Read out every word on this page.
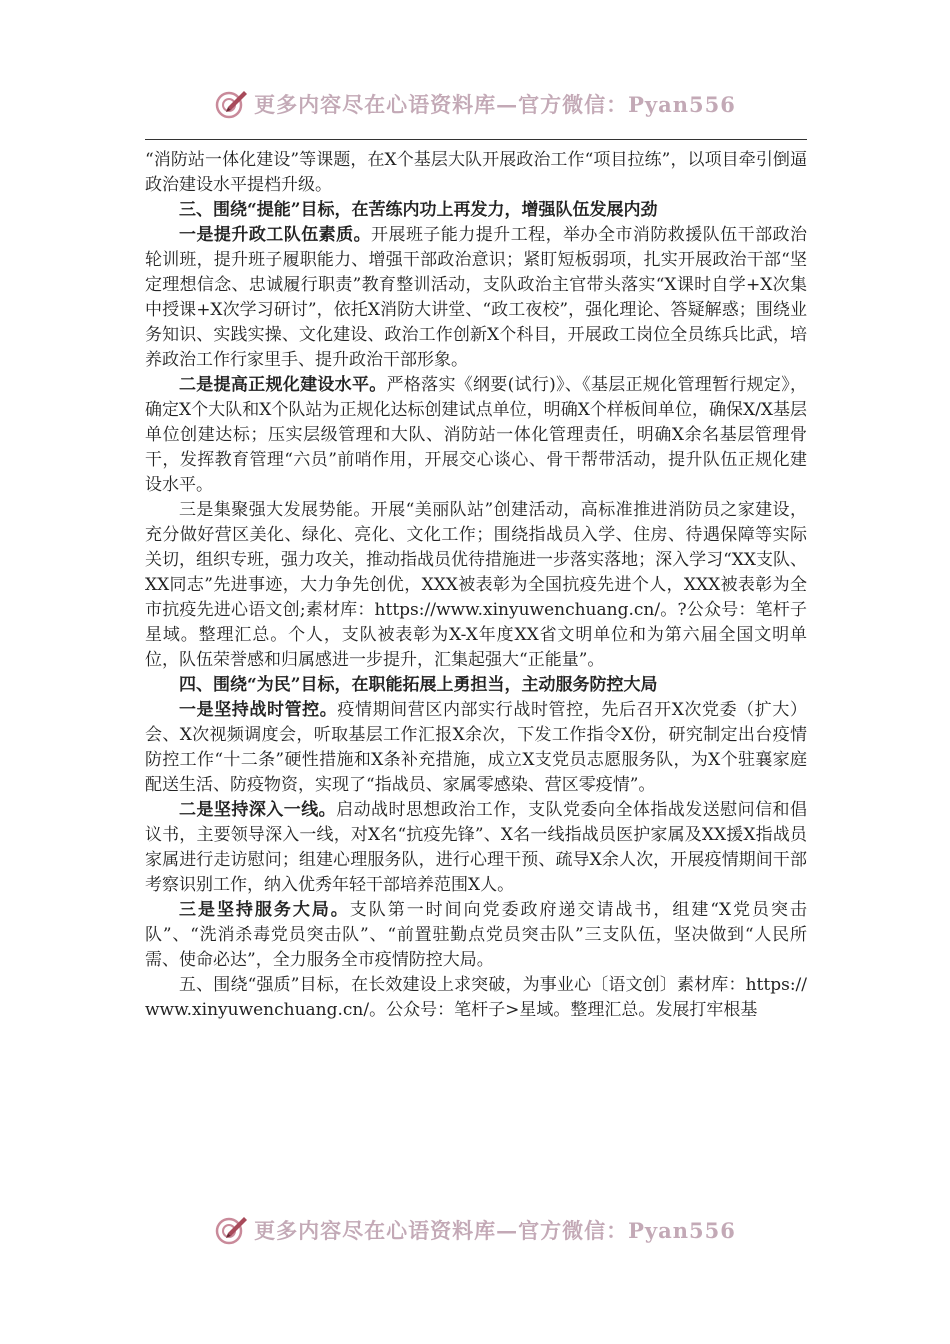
更多内容尽在心语资料库—官方微信：Pyan556

“消防站一体化建设”等课题，在X个基层大队开展政治工作“项目拉练”，以项目牵引倒逼政治建设水平提档升级。

三、围绕“提能”目标，在苦练内功上再发力，增强队伍发展内劲

一是提升政工队伍素质。开展班子能力提升工程，举办全市消防救援队伍干部政治轮训班，提升班子履职能力、增强干部政治意识；紧盯短板弱项，扎实开展政治干部“坚定理想信念、忠诚履行职责”教育整训活动，支队政治主官带头落实“X课时自学+X次集中授课+X次学习研讨”，依托X消防大讲堂、“政工夜校”，强化理论、答疑解惑；围绕业务知识、实践实操、文化建设、政治工作创新X个科目，开展政工岗位全员练兵比武，培养政治工作行家里手、提升政治干部形象。

二是提高正规化建设水平。严格落实《纲要(试行)》、《基层正规化管理暂行规定》，确定X个大队和X个队站为正规化达标创建试点单位，明确X个样板间单位，确保X/X基层单位创建达标；压实层级管理和大队、消防站一体化管理责任，明确X余名基层管理骨干，发挥教育管理“六员”前哨作用，开展交心谈心、骨干帮带活动，提升队伍正规化建设水平。

三是集聚强大发展势能。开展“美丽队站”创建活动，高标准推进消防员之家建设，充分做好营区美化、绿化、亮化、文化工作；围绕指战员入学、住房、待遇保障等实际关切，组织专班，强力攻关，推动指战员优待措施进一步落实落地；深入学习“XX支队、XX同志”先进事迹，大力争先创优，XXX被表彰为全国抗疫先进个人，XXX被表彰为全市抗疫先进心语文创;素材库：https://www.xinyuwenchuang.cn/。?公众号：笔杆子星域。整理汇总。个人，支队被表彰为X-X年度XX省文明单位和为第六届全国文明单位，队伍荣誉感和归属感进一步提升，汇集起强大“正能量”。

四、围绕“为民”目标，在职能拓展上勇担当，主动服务防控大局

一是坚持战时管控。疫情期间营区内部实行战时管控，先后召开X次党委（扩大）会、X次视频调度会，听取基层工作汇报X余次，下发工作指令X份，研究制定出台疫情防控工作“十二条”硬性措施和X条补充措施，成立X支党员志愿服务队，为X个驻襄家庭配送生活、防疫物资，实现了“指战员、家属零感染、营区零疫情”。

二是坚持深入一线。启动战时思想政治工作，支队党委向全体指战发送慰问信和倡议书，主要领导深入一线，对X名“抗疫先锋”、X名一线指战员医护家属及XX援X指战员家属进行走访慰问；组建心理服务队，进行心理干预、疏导X余人次，开展疫情期间干部考察识别工作，纳入优秀年轻干部培养范围X人。

三是坚持服务大局。支队第一时间向党委政府递交请战书，组建“X党员突击队”、“洗消杀毒党员突击队”、“前置驻勤点党员突击队”三支队伍，坚决做到“人民所需、使命必达”，全力服务全市疫情防控大局。

五、围绕“强质”目标，在长效建设上求突破，为事业心〔语文创〕素材库：https://www.xinyuwenchuang.cn/。公众号：笔杆子>星域。整理汇总。发展打牢根基

更多内容尽在心语资料库—官方微信：Pyan556
